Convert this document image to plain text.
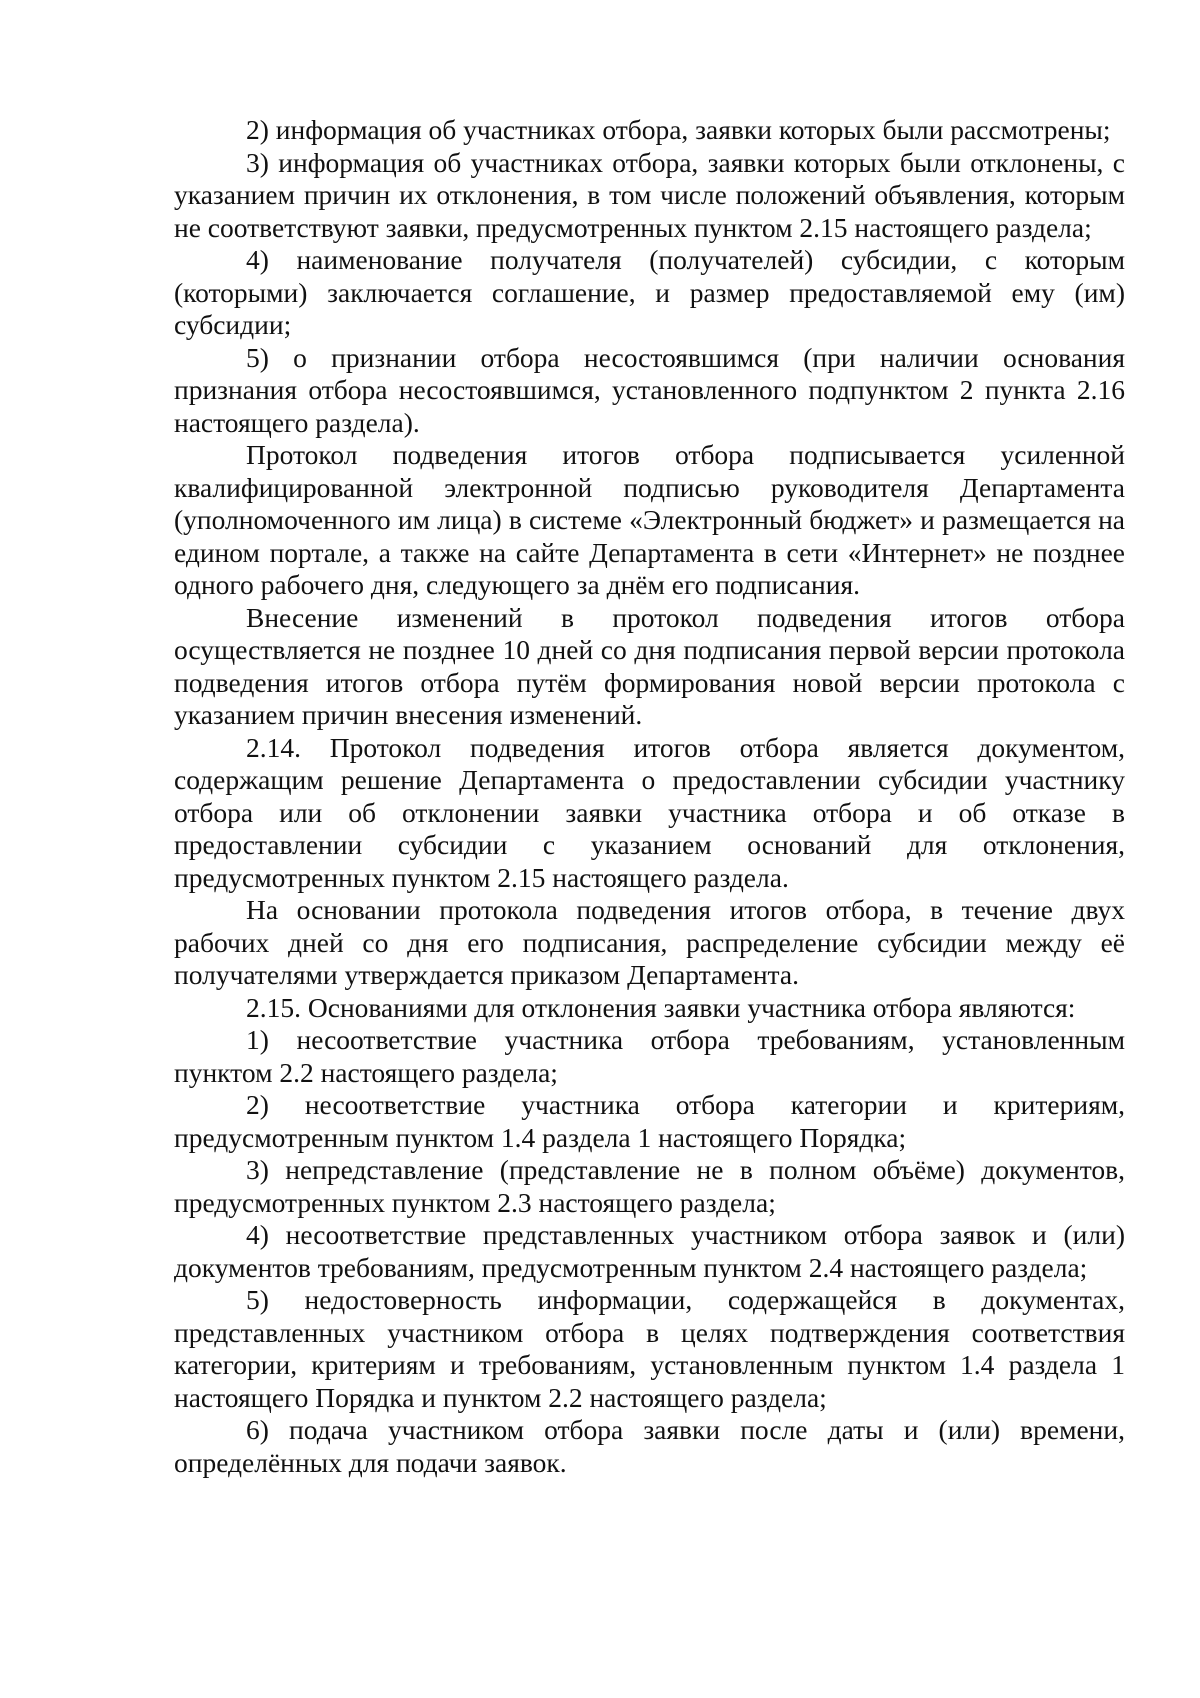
2) информация об участниках отбора, заявки которых были рассмотрены;

3) информация об участниках отбора, заявки которых были отклонены, с указанием причин их отклонения, в том числе положений объявления, которым не соответствуют заявки, предусмотренных пунктом 2.15 настоящего раздела;

4) наименование получателя (получателей) субсидии, с которым (которыми) заключается соглашение, и размер предоставляемой ему (им) субсидии;

5) о признании отбора несостоявшимся (при наличии основания признания отбора несостоявшимся, установленного подпунктом 2 пункта 2.16 настоящего раздела).

Протокол подведения итогов отбора подписывается усиленной квалифицированной электронной подписью руководителя Департамента (уполномоченного им лица) в системе «Электронный бюджет» и размещается на едином портале, а также на сайте Департамента в сети «Интернет» не позднее одного рабочего дня, следующего за днём его подписания.

Внесение изменений в протокол подведения итогов отбора осуществляется не позднее 10 дней со дня подписания первой версии протокола подведения итогов отбора путём формирования новой версии протокола с указанием причин внесения изменений.

2.14. Протокол подведения итогов отбора является документом, содержащим решение Департамента о предоставлении субсидии участнику отбора или об отклонении заявки участника отбора и об отказе в предоставлении субсидии с указанием оснований для отклонения, предусмотренных пунктом 2.15 настоящего раздела.

На основании протокола подведения итогов отбора, в течение двух рабочих дней со дня его подписания, распределение субсидии между её получателями утверждается приказом Департамента.

2.15. Основаниями для отклонения заявки участника отбора являются:

1) несоответствие участника отбора требованиям, установленным пунктом 2.2 настоящего раздела;

2) несоответствие участника отбора категории и критериям, предусмотренным пунктом 1.4 раздела 1 настоящего Порядка;

3) непредставление (представление не в полном объёме) документов, предусмотренных пунктом 2.3 настоящего раздела;

4) несоответствие представленных участником отбора заявок и (или) документов требованиям, предусмотренным пунктом 2.4 настоящего раздела;

5) недостоверность информации, содержащейся в документах, представленных участником отбора в целях подтверждения соответствия категории, критериям и требованиям, установленным пунктом 1.4 раздела 1 настоящего Порядка и пунктом 2.2 настоящего раздела;

6) подача участником отбора заявки после даты и (или) времени, определённых для подачи заявок.
